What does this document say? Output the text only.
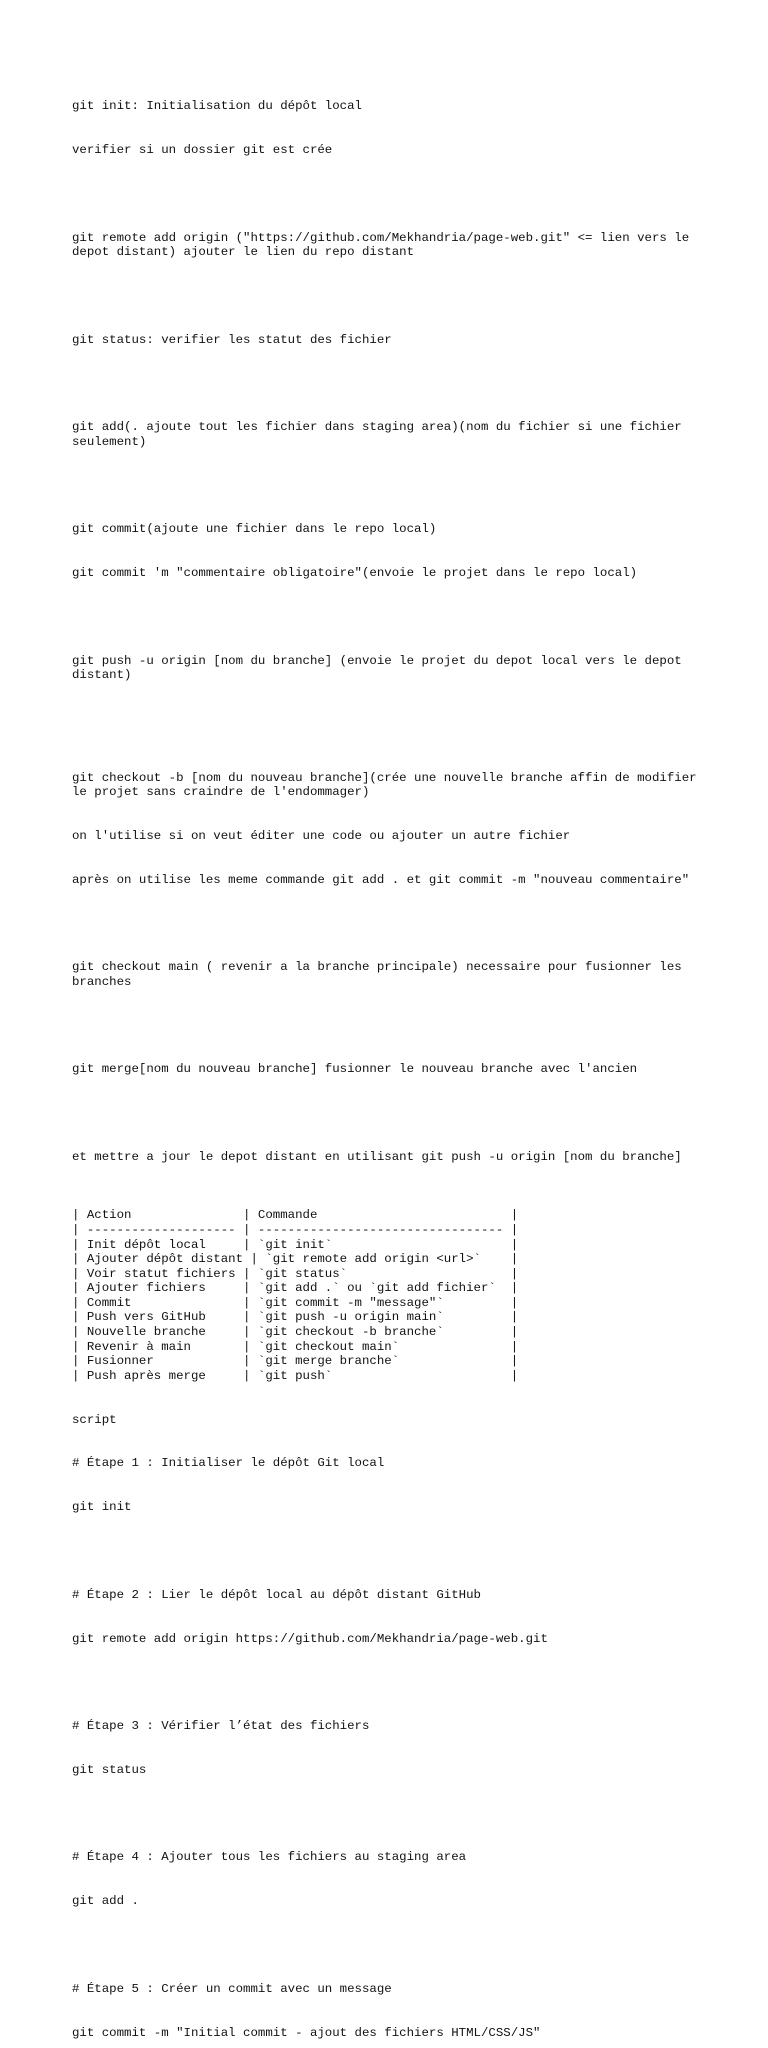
git init: Initialisation du dépôt local

verifier si un dossier git est crée

git remote add origin ("https://github.com/Mekhandria/page-web.git" <= lien vers le depot distant) ajouter le lien du repo distant

git status: verifier les statut des fichier

git add(. ajoute tout les fichier dans staging area)(nom du fichier si une fichier seulement)

git commit(ajoute une fichier dans le repo local)

git commit 'm "commentaire obligatoire"(envoie le projet dans le repo local)

git push -u origin [nom du branche] (envoie le projet du depot local vers le depot distant)

git checkout -b [nom du nouveau branche](crée une nouvelle branche affin de modifier le projet sans craindre de l'endommager)

on l'utilise si on veut éditer une code ou ajouter un autre fichier

après on utilise les meme commande git add . et git commit -m "nouveau commentaire"

git checkout main ( revenir a la branche principale) necessaire pour fusionner les branches

git merge[nom du nouveau branche] fusionner le nouveau branche avec l'ancien

et mettre a jour le depot distant en utilisant git push -u origin [nom du branche]

| Action               | Commande                          |
| -------------------- | --------------------------------- |
| Init dépôt local     | `git init`                        |
| Ajouter dépôt distant | `git remote add origin <url>`    |
| Voir statut fichiers | `git status`                      |
| Ajouter fichiers     | `git add .` ou `git add fichier`  |
| Commit               | `git commit -m "message"`         |
| Push vers GitHub     | `git push -u origin main`         |
| Nouvelle branche     | `git checkout -b branche`         |
| Revenir à main       | `git checkout main`               |
| Fusionner            | `git merge branche`               |
| Push après merge     | `git push`                        |
script

# Étape 1 : Initialiser le dépôt Git local

git init

# Étape 2 : Lier le dépôt local au dépôt distant GitHub

git remote add origin https://github.com/Mekhandria/page-web.git

# Étape 3 : Vérifier l’état des fichiers

git status

# Étape 4 : Ajouter tous les fichiers au staging area

git add .

# Étape 5 : Créer un commit avec un message

git commit -m "Initial commit - ajout des fichiers HTML/CSS/JS"
